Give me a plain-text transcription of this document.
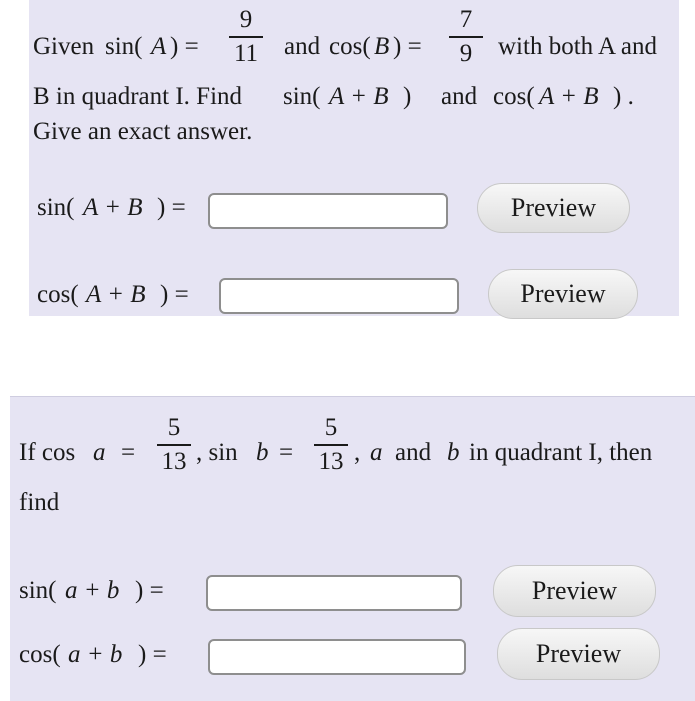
Given sin( A ) =
9
11	and cos( B ) =
7
9	with both A and
B in quadrant I. Find sin( A + B ) and cos( A + B ) .
Give an exact answer.
sin( A + B ) =	Preview
cos( A + B ) =	Preview
If cos a =
5
13 , sin b =
5
13 , a and b in quadrant I, then
find
sin( a + b ) =	Preview
cos( a + b ) =	Preview
